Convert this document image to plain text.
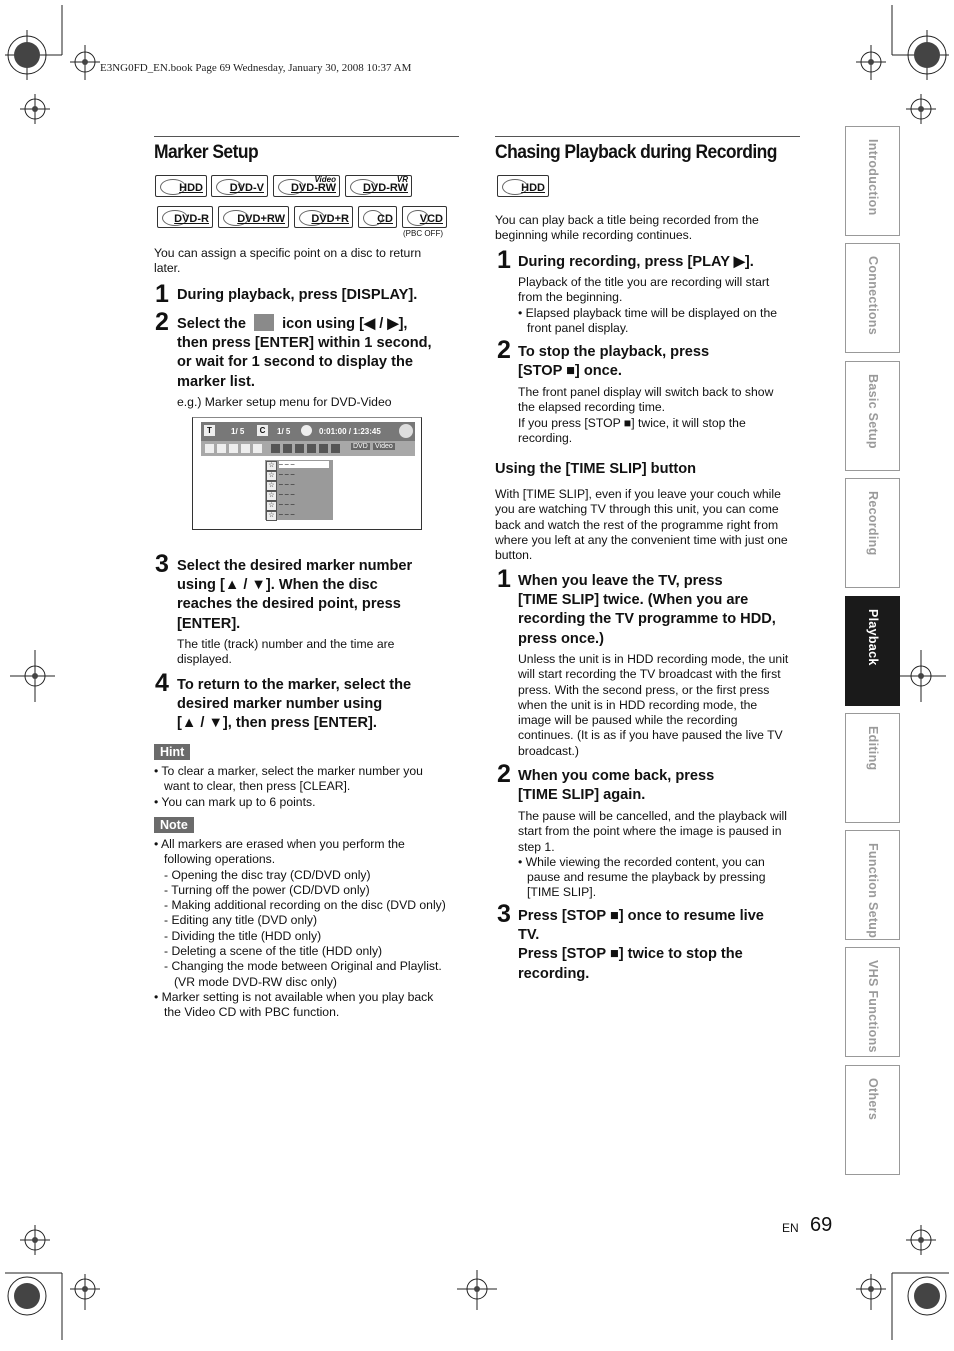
E3NG0FD_EN.book Page 69 Wednesday, January 30, 2008 10:37 AM
Marker Setup
HDD DVD-V
Video
DVD-RW
VR
DVD-RW
DVD-R	DVD+RW DVD+R	CD VCD
(PBC OFF)
You can assign a specific point on a disc to return
later.
1 During playback, press [DISPLAY].
2 Select the icon using [◀ / ▶],
then press [ENTER] within 1 second,
or wait for 1 second to display the
marker list.
e.g.) Marker setup menu for DVD-Video
T	1/ 5	C	1/ 5	0:01:00 / 1:23:45
DVD Video
☆ – – –
☆ – – –
☆ – – –
☆ – – –
☆ – – –
☆ – – –
3 Select the desired marker number
using [▲ / ▼]. When the disc
reaches the desired point, press
[ENTER].
The title (track) number and the time are
displayed.
4 To return to the marker, select the
desired marker number using
[▲ / ▼], then press [ENTER].
Hint
• To clear a marker, select the marker number you
want to clear, then press [CLEAR].
• You can mark up to 6 points.
Note
• All markers are erased when you perform the
following operations.
- Opening the disc tray (CD/DVD only)
- Turning off the power (CD/DVD only)
- Making additional recording on the disc (DVD only)
- Editing any title (DVD only)
- Dividing the title (HDD only)
- Deleting a scene of the title (HDD only)
- Changing the mode between Original and Playlist.
(VR mode DVD-RW disc only)
• Marker setting is not available when you play back
the Video CD with PBC function.
Chasing Playback during Recording
HDD
You can play back a title being recorded from the
beginning while recording continues.
1 During recording, press [PLAY ▶].
Playback of the title you are recording will start
from the beginning.
• Elapsed playback time will be displayed on the
front panel display.
2 To stop the playback, press
[STOP ■] once.
The front panel display will switch back to show
the elapsed recording time.
If you press [STOP ■] twice, it will stop the
recording.
Using the [TIME SLIP] button
With [TIME SLIP], even if you leave your couch while
you are watching TV through this unit, you can come
back and watch the rest of the programme right from
where you left at any the convenient time with just one
button.
1 When you leave the TV, press
[TIME SLIP] twice. (When you are
recording the TV programme to HDD,
press once.)
Unless the unit is in HDD recording mode, the unit
will start recording the TV broadcast with the first
press. With the second press, or the first press
when the unit is in HDD recording mode, the
image will be paused while the recording
continues. (It is as if you have paused the live TV
broadcast.)
2 When you come back, press
[TIME SLIP] again.
The pause will be cancelled, and the playback will
start from the point where the image is paused in
step 1.
• While viewing the recorded content, you can
pause and resume the playback by pressing
[TIME SLIP].
3 Press [STOP ■] once to resume live
TV.
Press [STOP ■] twice to stop the
recording.
Introduction
Connections
Basic Setup
Recording
Playback
Editing
Function Setup
VHS Functions
Others
EN 69
